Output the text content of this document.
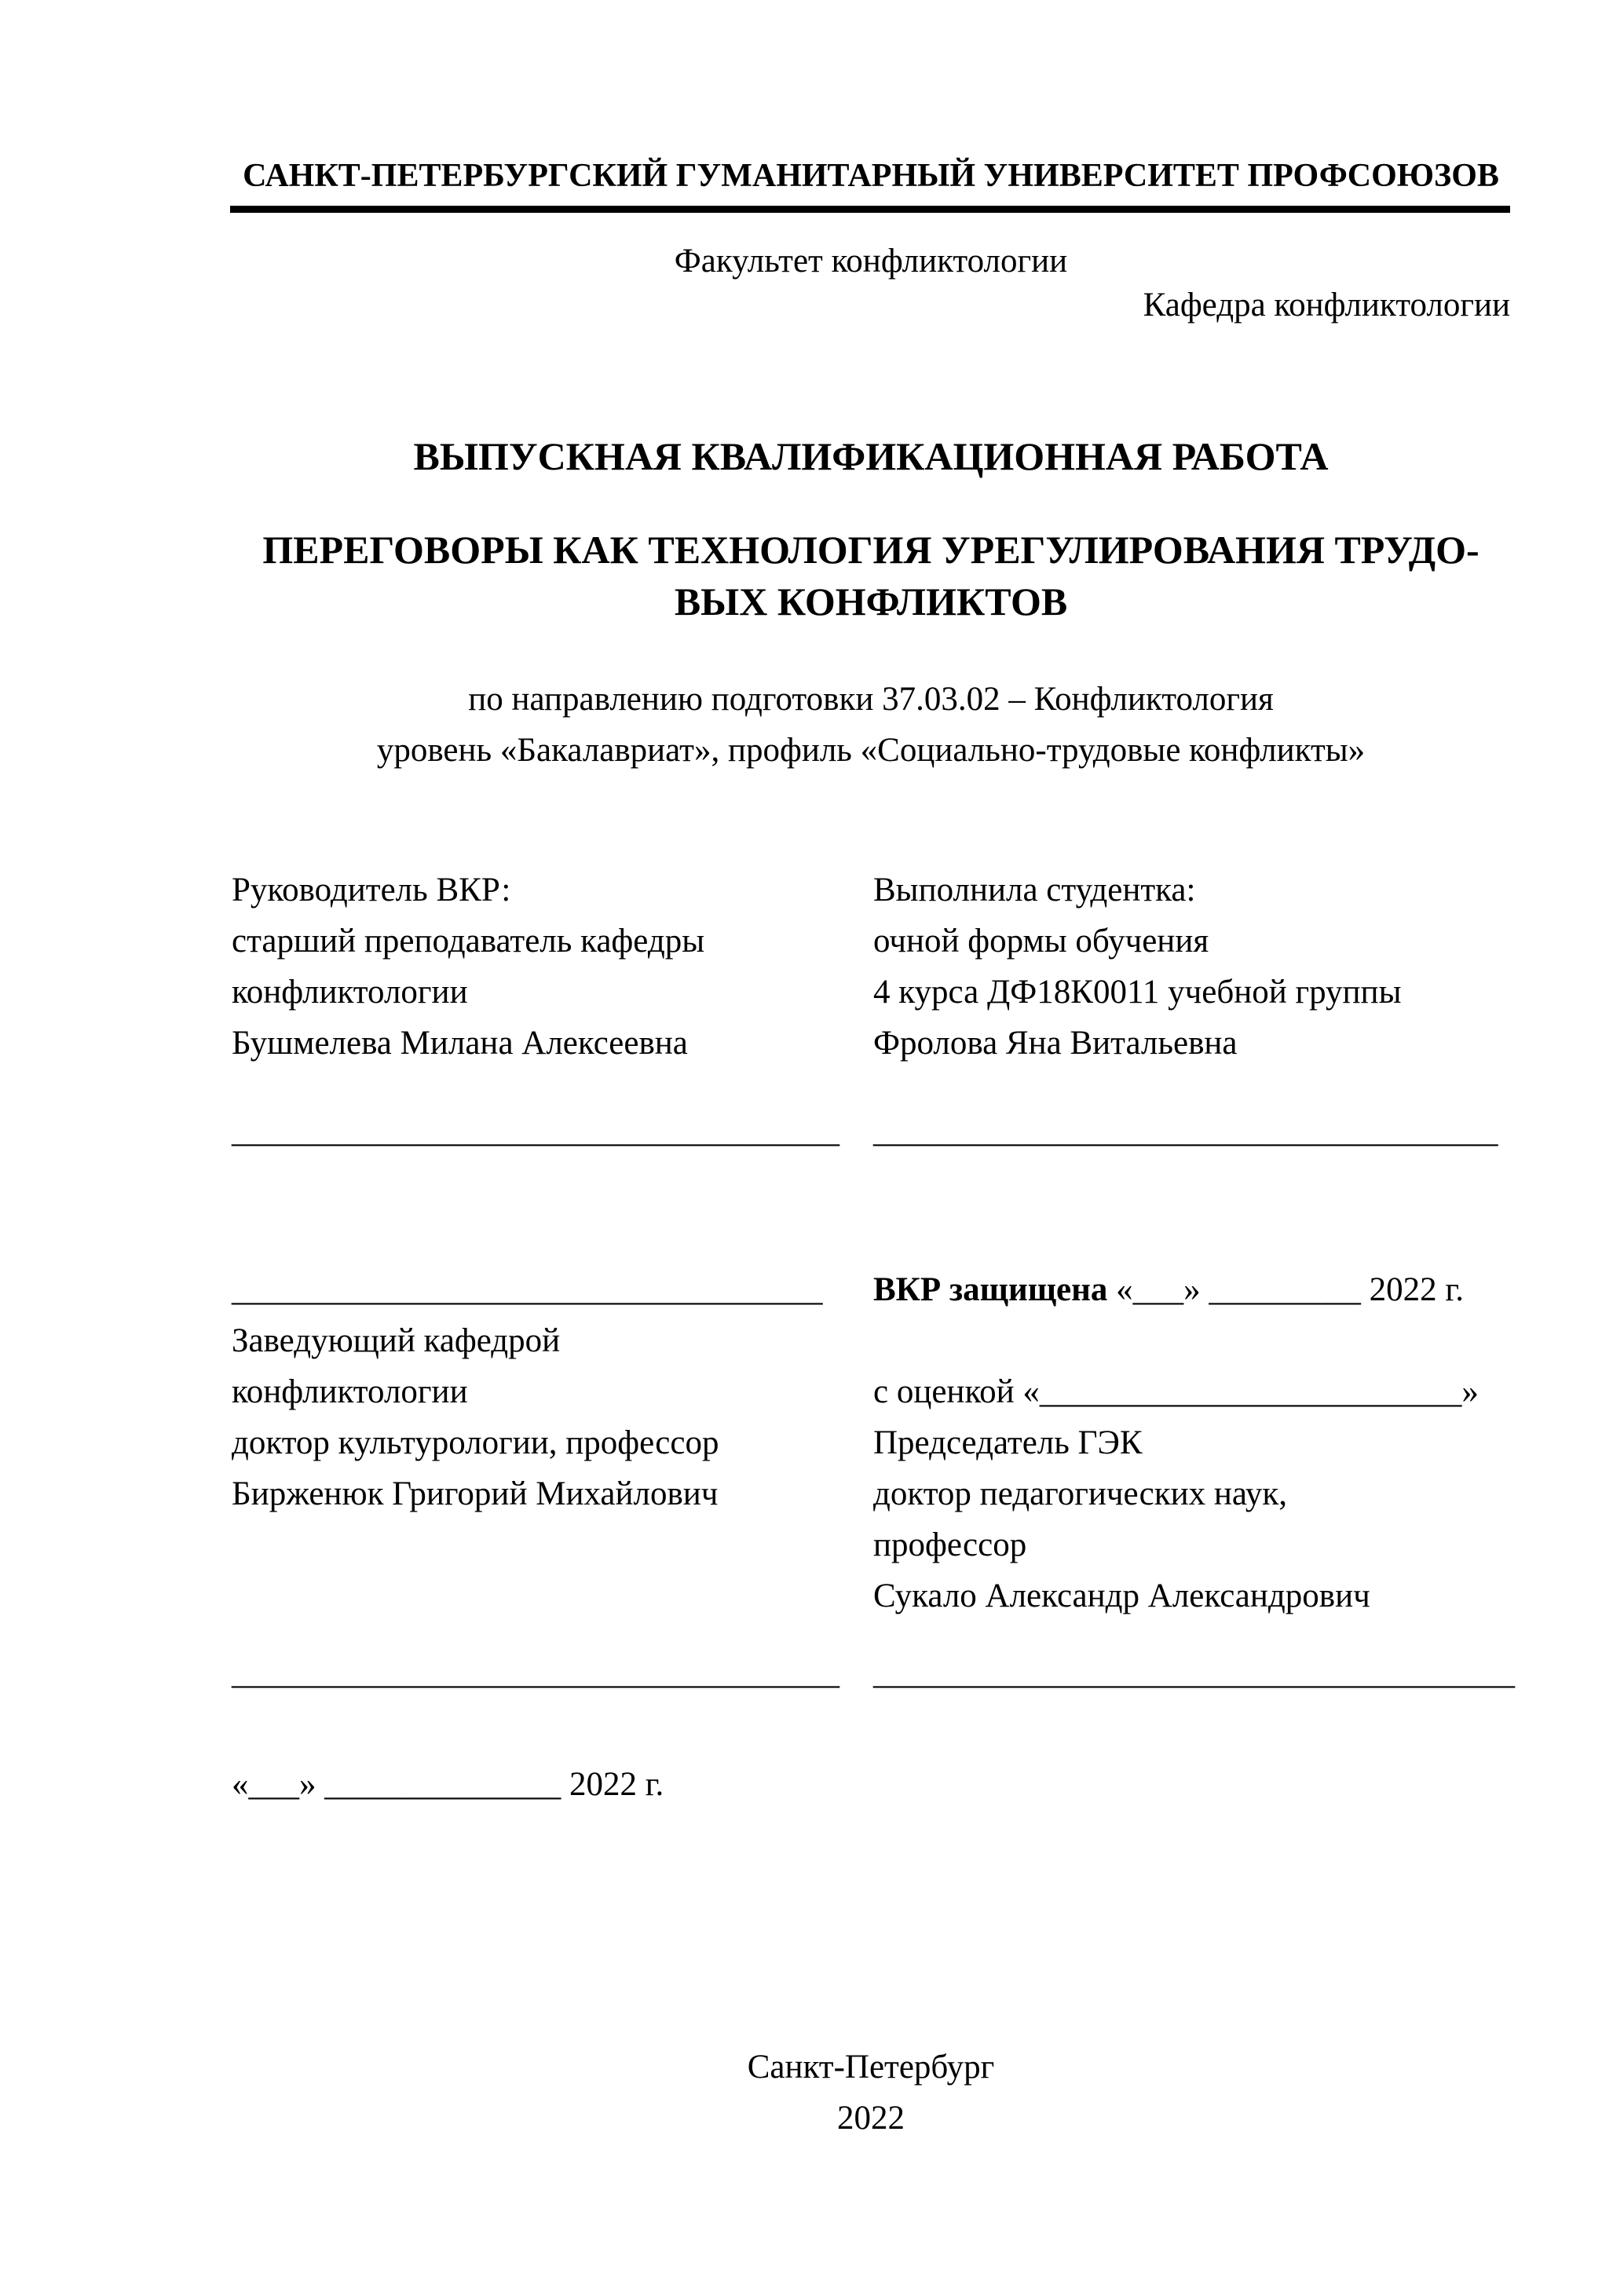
САНКТ-ПЕТЕРБУРГСКИЙ ГУМАНИТАРНЫЙ УНИВЕРСИТЕТ ПРОФСОЮЗОВ
Факультет конфликтологии
Кафедра конфликтологии
ВЫПУСКНАЯ КВАЛИФИКАЦИОННАЯ РАБОТА
ПЕРЕГОВОРЫ КАК ТЕХНОЛОГИЯ УРЕГУЛИРОВАНИЯ ТРУДО-
ВЫХ КОНФЛИКТОВ
по направлению подготовки 37.03.02 – Конфликтология
уровень «Бакалавриат», профиль «Социально-трудовые конфликты»
Руководитель ВКР:
старший преподаватель кафедры
конфликтологии
Бушмелева Милана Алексеевна
Выполнила студентка:
очной формы обучения
4 курса ДФ18К0011 учебной группы
Фролова Яна Витальевна
____________________________________	_____________________________________
___________________________________
Заведующий кафедрой
конфликтологии
доктор культурологии, профессор
Бирженюк Григорий Михайлович
ВКР защищена «___» _________ 2022 г.
с оценкой «_________________________»
Председатель ГЭК
доктор педагогических наук,
профессор
Сукало Александр Александрович
____________________________________	______________________________________
«___» ______________ 2022 г.
Санкт-Петербург
2022
